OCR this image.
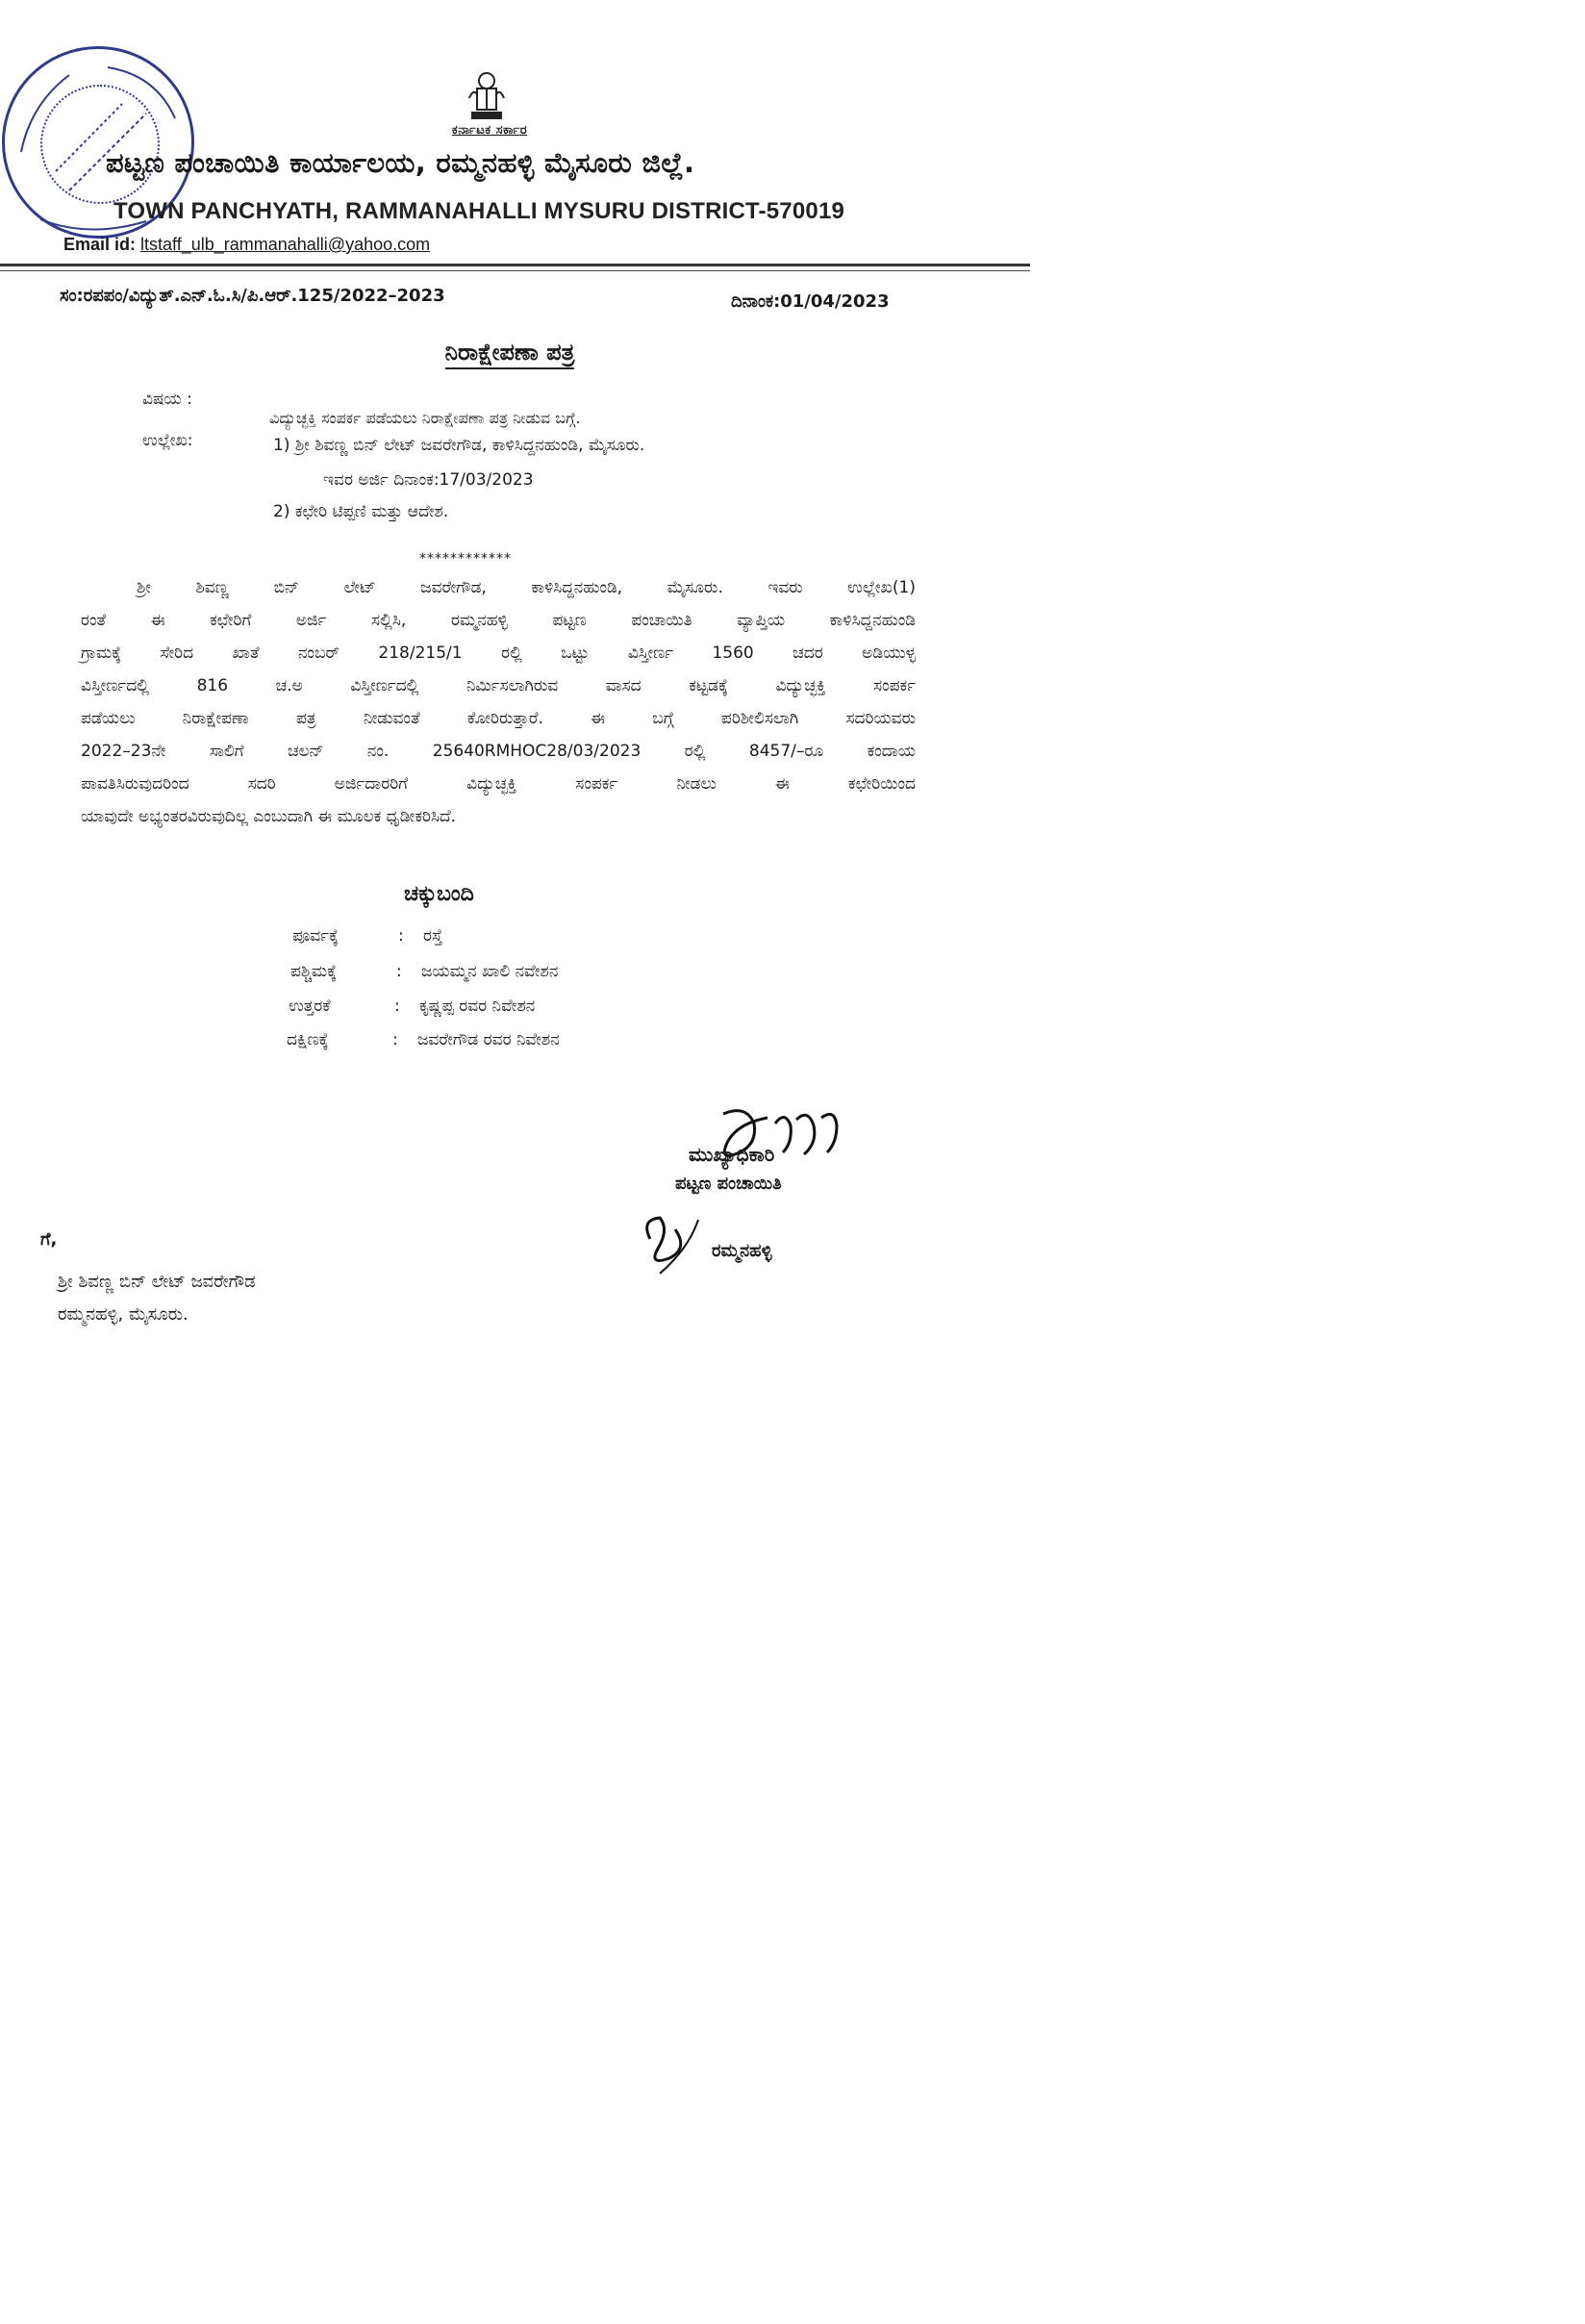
ಕರ್ನಾಟಕ ಸರ್ಕಾರ
ಪಟ್ಟಣ ಪಂಚಾಯಿತಿ ಕಾರ್ಯಾಲಯ, ರಮ್ಮನಹಳ್ಳಿ ಮೈಸೂರು ಜಿಲ್ಲೆ.
TOWN PANCHYATH, RAMMANAHALLI MYSURU DISTRICT-570019
Email id: ltstaff_ulb_rammanahalli@yahoo.com
ಸಂ:ರಪಪಂ/ವಿದ್ಯುತ್.ಎನ್.ಓ.ಸಿ/ಪಿ.ಆರ್.125/2022–2023	ದಿನಾಂಕ:01/04/2023
ನಿರಾಕ್ಷೇಪಣಾ ಪತ್ರ
ವಿಷಯ :
ವಿದ್ಯುಚ್ಛಕ್ತಿ ಸಂಪರ್ಕ ಪಡೆಯಲು ನಿರಾಕ್ಷೇಪಣಾ ಪತ್ರ ನೀಡುವ ಬಗ್ಗೆ.
ಉಲ್ಲೇಖ:	1) ಶ್ರೀ ಶಿವಣ್ಣ ಬಿನ್ ಲೇಟ್ ಜವರೇಗೌಡ, ಕಾಳಿಸಿದ್ದನಹುಂಡಿ, ಮೈಸೂರು.
ಇವರ ಅರ್ಜಿ ದಿನಾಂಕ:17/03/2023
2) ಕಛೇರಿ ಟಿಪ್ಪಣಿ ಮತ್ತು ಆದೇಶ.
************
ಶ್ರೀ ಶಿವಣ್ಣ ಬಿನ್ ಲೇಟ್ ಜವರೇಗೌಡ, ಕಾಳಿಸಿದ್ದನಹುಂಡಿ, ಮೈಸೂರು. ಇವರು ಉಲ್ಲೇಖ(1)
ರಂತೆ ಈ ಕಛೇರಿಗೆ ಅರ್ಜಿ ಸಲ್ಲಿಸಿ, ರಮ್ಮನಹಳ್ಳಿ ಪಟ್ಟಣ ಪಂಚಾಯಿತಿ ವ್ಯಾಪ್ತಿಯ ಕಾಳಿಸಿದ್ದನಹುಂಡಿ
ಗ್ರಾಮಕ್ಕೆ ಸೇರಿದ ಖಾತೆ ನಂಬರ್ 218/215/1 ರಲ್ಲಿ ಒಟ್ಟು ವಿಸ್ತೀರ್ಣ 1560 ಚದರ ಅಡಿಯುಳ್ಳ
ವಿಸ್ತೀರ್ಣದಲ್ಲಿ 816 ಚ.ಅ ವಿಸ್ತೀರ್ಣದಲ್ಲಿ ನಿರ್ಮಿಸಲಾಗಿರುವ ವಾಸದ ಕಟ್ಟಡಕ್ಕೆ ವಿದ್ಯುಚ್ಛಕ್ತಿ ಸಂಪರ್ಕ
ಪಡೆಯಲು ನಿರಾಕ್ಷೇಪಣಾ ಪತ್ರ ನೀಡುವಂತೆ ಕೋರಿರುತ್ತಾರೆ. ಈ ಬಗ್ಗೆ ಪರಿಶೀಲಿಸಲಾಗಿ ಸದರಿಯವರು
2022–23ನೇ ಸಾಲಿಗೆ ಚಲನ್ ನಂ. 25640RMHOC28/03/2023 ರಲ್ಲಿ 8457/–ರೂ ಕಂದಾಯ
ಪಾವತಿಸಿರುವುದರಿಂದ ಸದರಿ ಅರ್ಜಿದಾರರಿಗೆ ವಿದ್ಯುಚ್ಛಕ್ತಿ ಸಂಪರ್ಕ ನೀಡಲು ಈ ಕಛೇರಿಯಿಂದ
ಯಾವುದೇ ಅಭ್ಯಂತರವಿರುವುದಿಲ್ಲ ಎಂಬುದಾಗಿ ಈ ಮೂಲಕ ಧೃಡೀಕರಿಸಿದೆ.
ಚಕ್ಕುಬಂದಿ
ಪೂರ್ವಕ್ಕೆ	: ರಸ್ತೆ
ಪಶ್ಚಿಮಕ್ಕೆ	: ಜಯಮ್ಮನ ಖಾಲಿ ನವೇಶನ
ಉತ್ತರಕೆ	: ಕೃಷ್ಣಪ್ಪ ರವರ ನಿವೇಶನ
ದಕ್ಷಿಣಕ್ಕೆ	: ಜವರೇಗೌಡ ರವರ ನಿವೇಶನ
ಮುಖ್ಯಾಧಿಕಾರಿ
ಪಟ್ಟಣ ಪಂಚಾಯಿತಿ
ರಮ್ಮನಹಳ್ಳಿ
ಗೆ,
ಶ್ರೀ ಶಿವಣ್ಣ ಬಿನ್ ಲೇಟ್ ಜವರೇಗೌಡ
ರಮ್ಮನಹಳ್ಳಿ, ಮೈಸೂರು.
